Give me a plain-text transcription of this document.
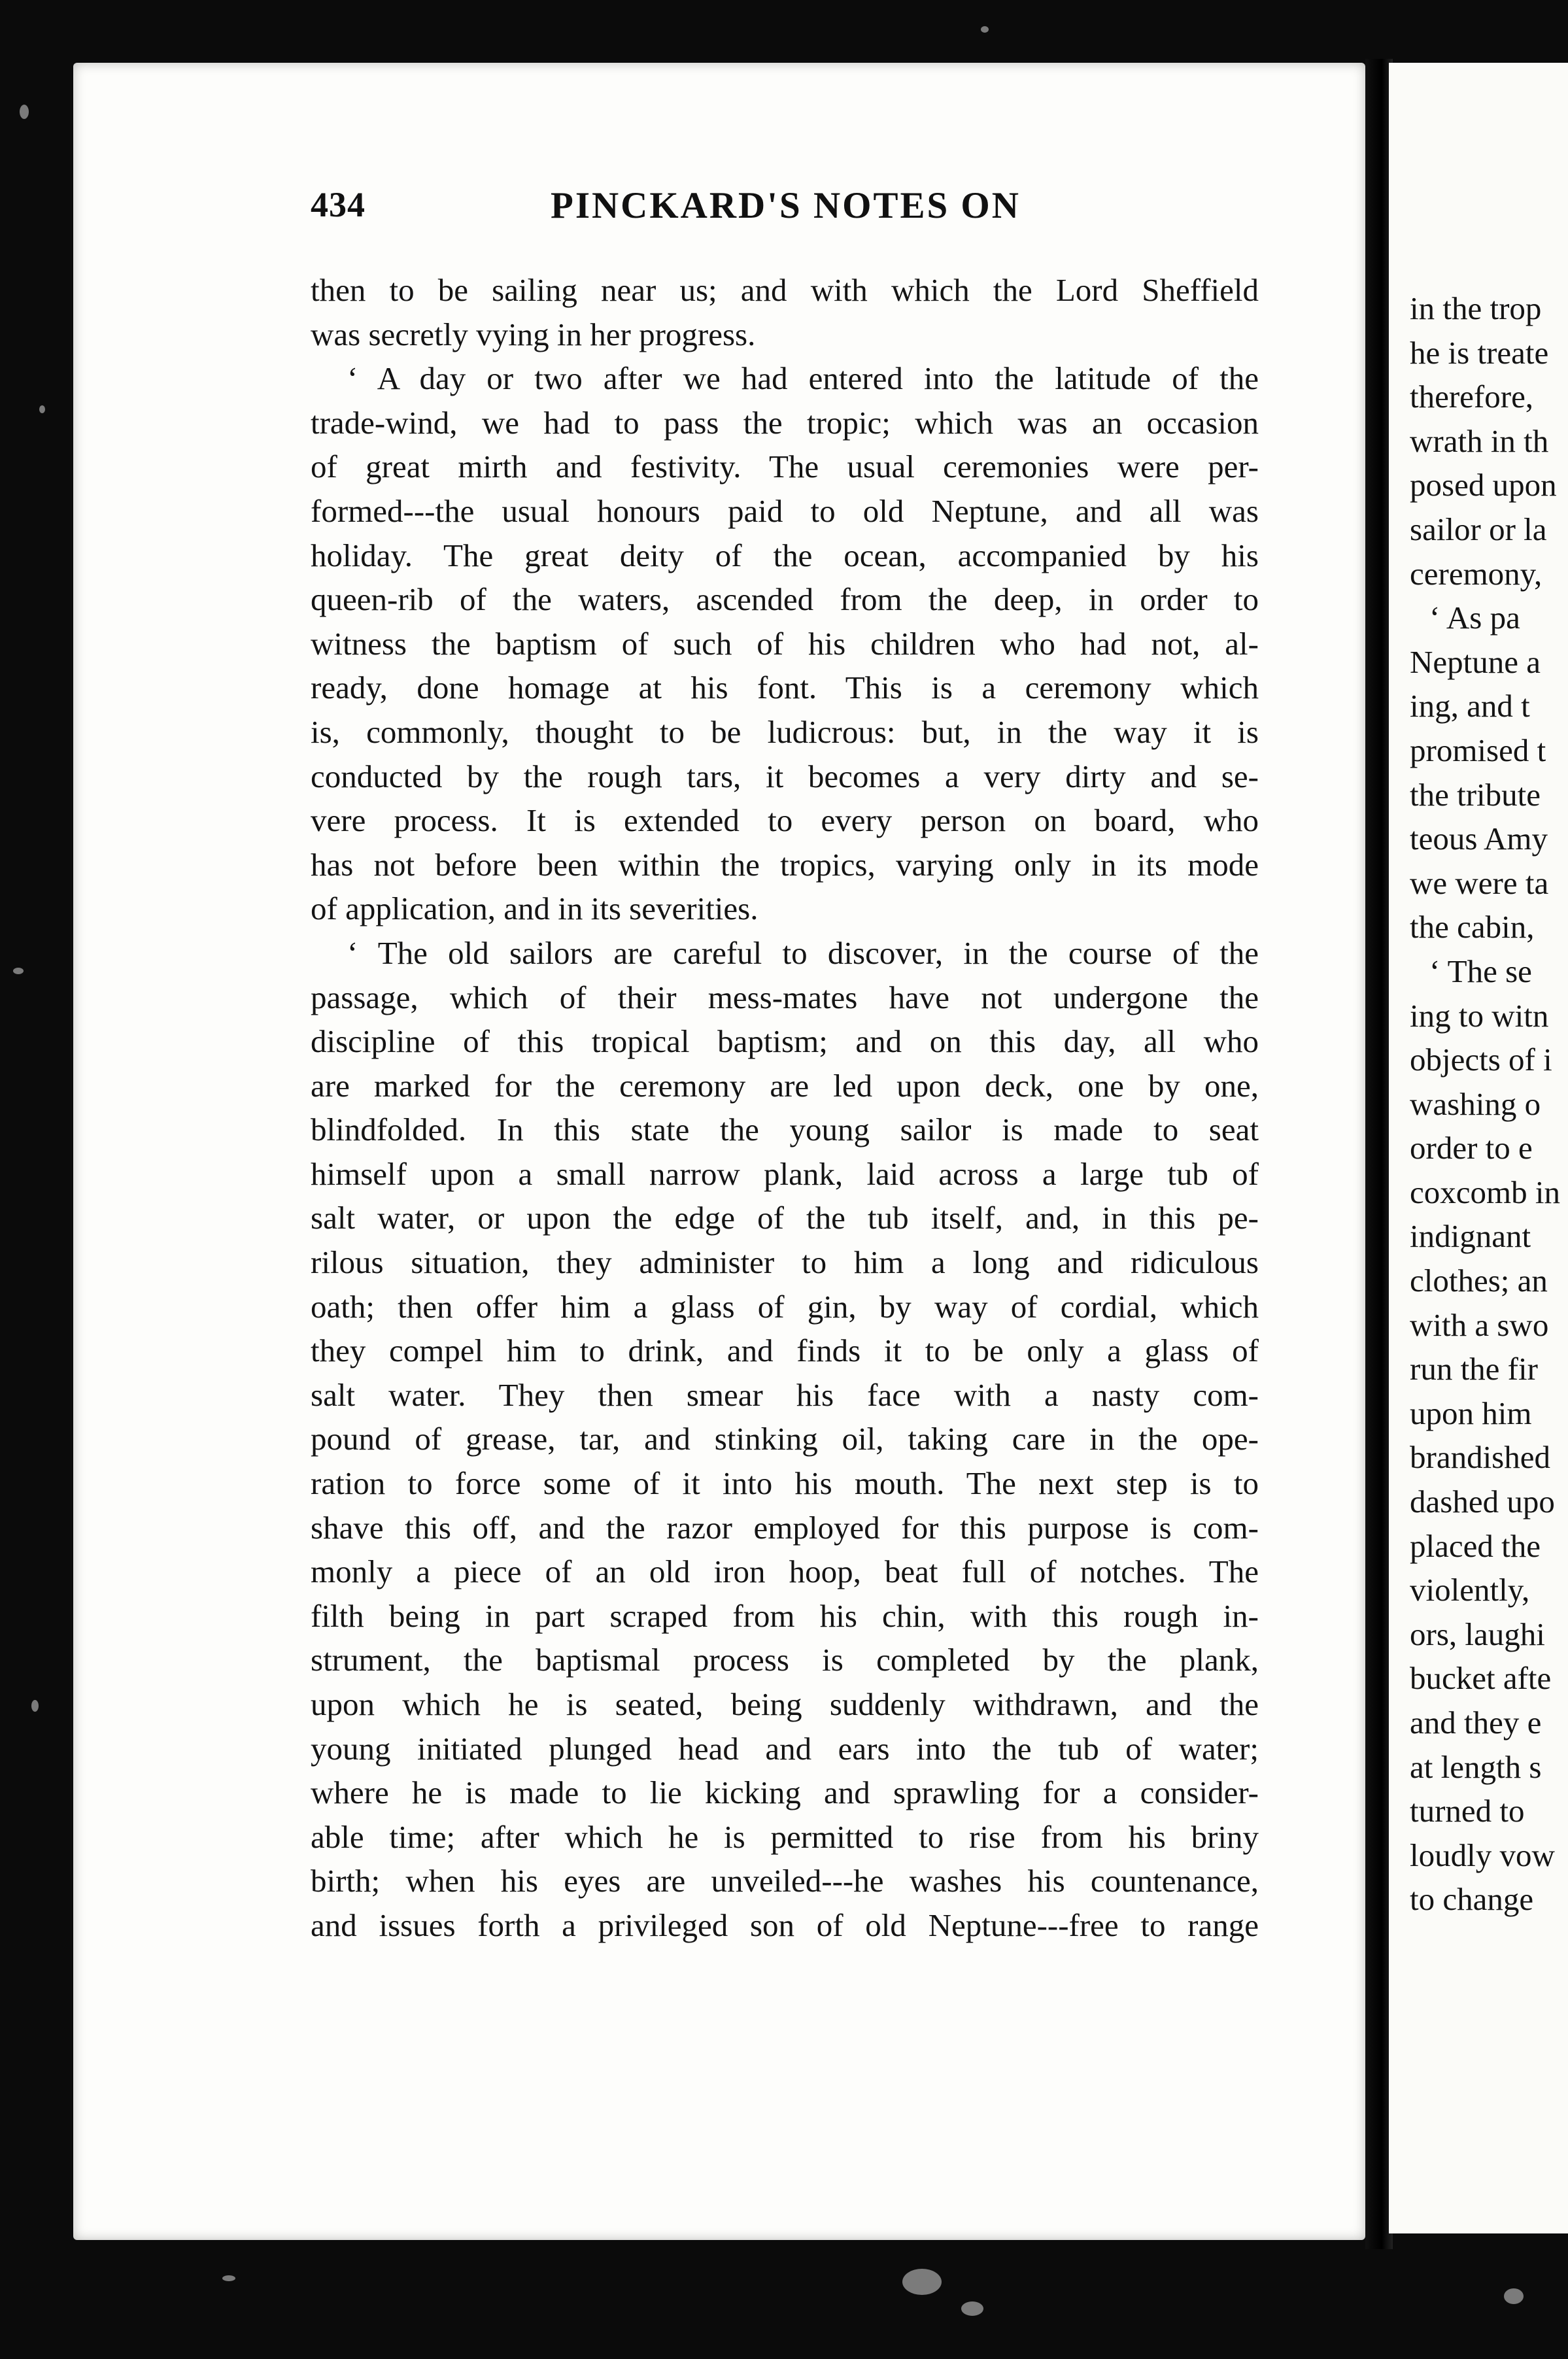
434	PINCKARD'S NOTES ON
then to be sailing near us; and with which the Lord Sheffield
was secretly vying in her progress.
‘ A day or two after we had entered into the latitude of the
trade-wind, we had to pass the tropic; which was an occasion
of great mirth and festivity. The usual ceremonies were per-
formed---the usual honours paid to old Neptune, and all was
holiday. The great deity of the ocean, accompanied by his
queen-rib of the waters, ascended from the deep, in order to
witness the baptism of such of his children who had not, al-
ready, done homage at his font. This is a ceremony which
is, commonly, thought to be ludicrous: but, in the way it is
conducted by the rough tars, it becomes a very dirty and se-
vere process. It is extended to every person on board, who
has not before been within the tropics, varying only in its mode
of application, and in its severities.
‘ The old sailors are careful to discover, in the course of the
passage, which of their mess-mates have not undergone the
discipline of this tropical baptism; and on this day, all who
are marked for the ceremony are led upon deck, one by one,
blindfolded. In this state the young sailor is made to seat
himself upon a small narrow plank, laid across a large tub of
salt water, or upon the edge of the tub itself, and, in this pe-
rilous situation, they administer to him a long and ridiculous
oath; then offer him a glass of gin, by way of cordial, which
they compel him to drink, and finds it to be only a glass of
salt water. They then smear his face with a nasty com-
pound of grease, tar, and stinking oil, taking care in the ope-
ration to force some of it into his mouth. The next step is to
shave this off, and the razor employed for this purpose is com-
monly a piece of an old iron hoop, beat full of notches. The
filth being in part scraped from his chin, with this rough in-
strument, the baptismal process is completed by the plank,
upon which he is seated, being suddenly withdrawn, and the
young initiated plunged head and ears into the tub of water;
where he is made to lie kicking and sprawling for a consider-
able time; after which he is permitted to rise from his briny
birth; when his eyes are unveiled---he washes his countenance,
and issues forth a privileged son of old Neptune---free to range
in the trop
he is treate
therefore,
wrath in th
posed upon
sailor or la
ceremony,
‘ As pa
Neptune a
ing, and t
promised t
the tribute
teous Amy
we were ta
the cabin,
‘ The se
ing to witn
objects of i
washing o
order to e
coxcomb in
indignant
clothes; an
with a swo
run the fir
upon him
brandished
dashed upo
placed the
violently,
ors, laughi
bucket afte
and they e
at length s
turned to
loudly vow
to change
